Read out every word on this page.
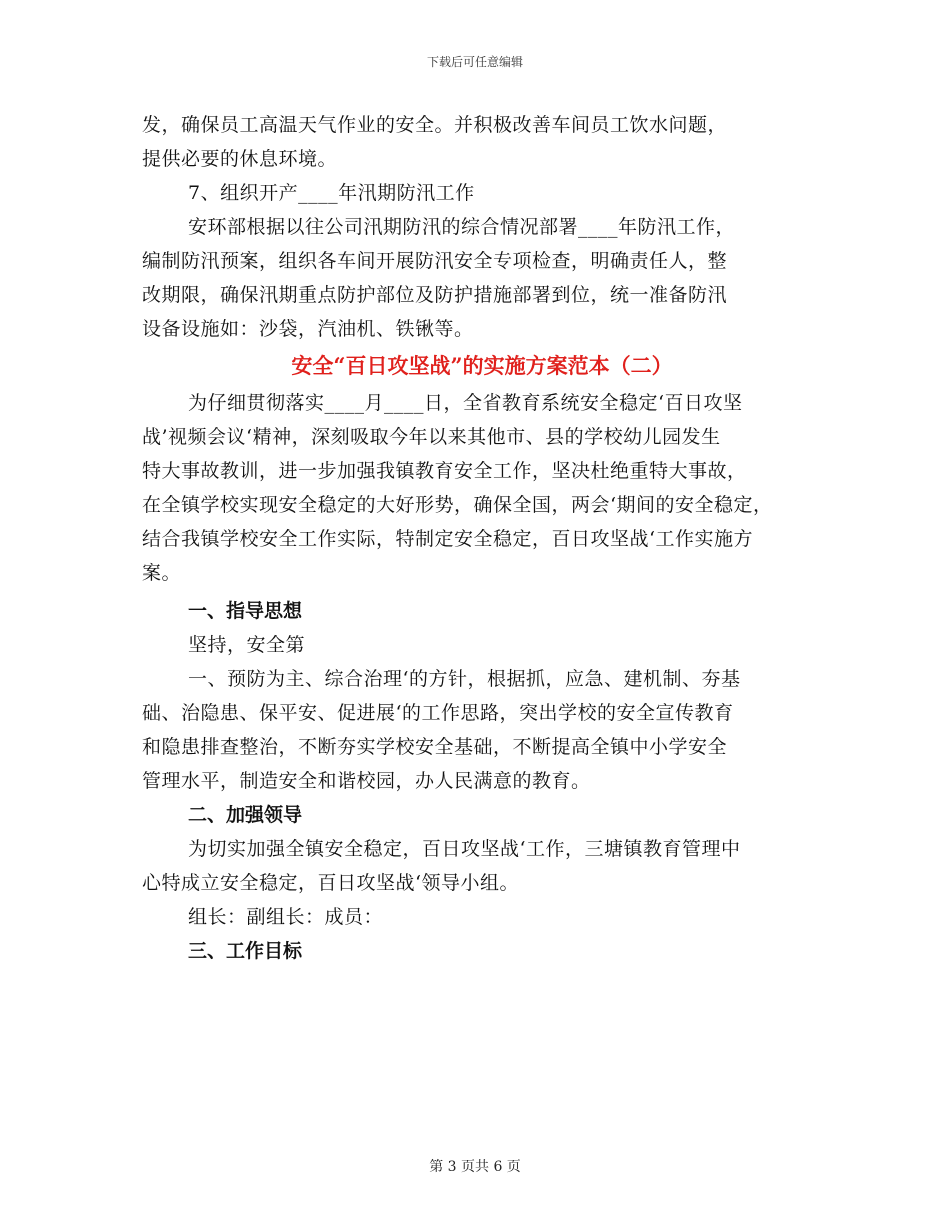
下载后可任意编辑

发，确保员工高温天气作业的安全。并积极改善车间员工饮水问题，

提供必要的休息环境。

7、组织开产____年汛期防汛工作

安环部根据以往公司汛期防汛的综合情况部署____年防汛工作，

编制防汛预案，组织各车间开展防汛安全专项检查，明确责任人，整

改期限，确保汛期重点防护部位及防护措施部署到位，统一准备防汛

设备设施如：沙袋，汽油机、铁锹等。

安全“百日攻坚战”的实施方案范本（二）

为仔细贯彻落实____月____日，全省教育系统安全稳定‘百日攻坚

战’视频会议‘精神，深刻吸取今年以来其他市、县的学校幼儿园发生

特大事故教训，进一步加强我镇教育安全工作，坚决杜绝重特大事故，

在全镇学校实现安全稳定的大好形势，确保全国，两会‘期间的安全稳定，

结合我镇学校安全工作实际，特制定安全稳定，百日攻坚战‘工作实施方

案。

一、指导思想

坚持，安全第

一、预防为主、综合治理‘的方针，根据抓，应急、建机制、夯基

础、治隐患、保平安、促进展‘的工作思路，突出学校的安全宣传教育

和隐患排查整治，不断夯实学校安全基础，不断提高全镇中小学安全

管理水平，制造安全和谐校园，办人民满意的教育。

二、加强领导

为切实加强全镇安全稳定，百日攻坚战‘工作，三塘镇教育管理中

心特成立安全稳定，百日攻坚战‘领导小组。

组长：副组长：成员：

三、工作目标

第 3 页共 6 页
